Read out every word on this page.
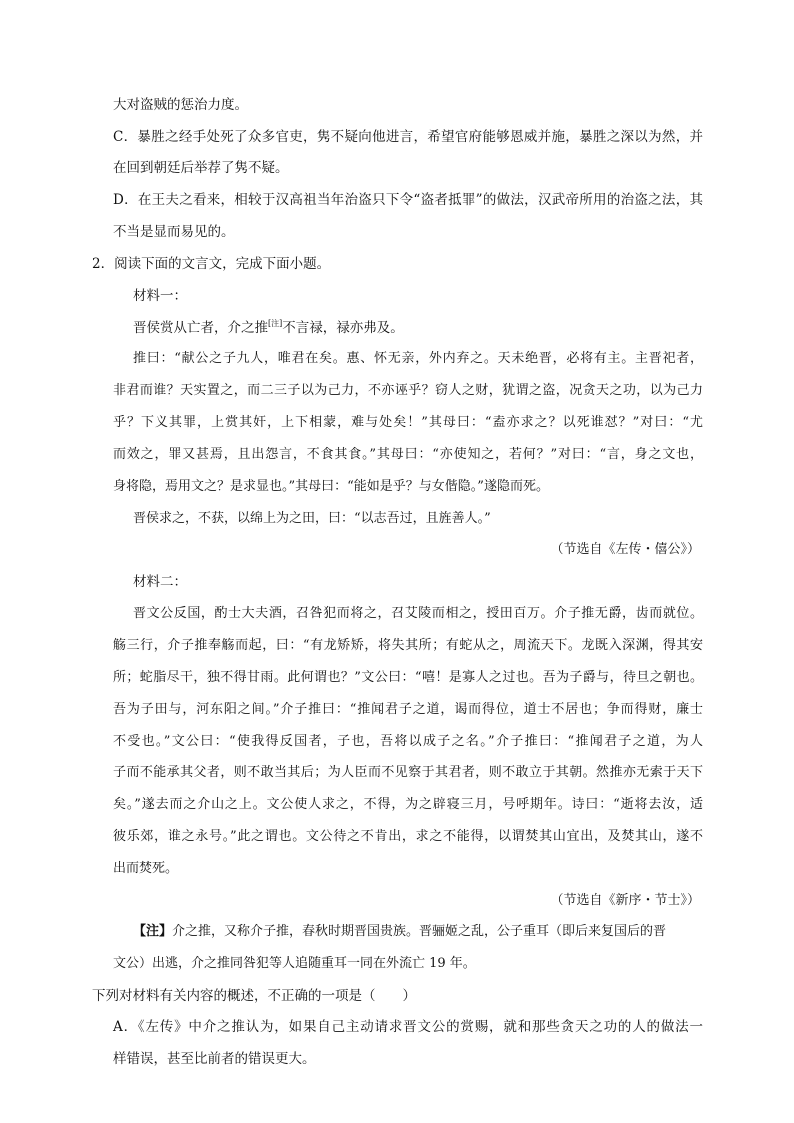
大对盗贼的惩治力度。
C．暴胜之经手处死了众多官吏，隽不疑向他进言，希望官府能够恩威并施，暴胜之深以为然，并
在回到朝廷后举荐了隽不疑。
D．在王夫之看来，相较于汉高祖当年治盗只下令“盗者抵罪”的做法，汉武帝所用的治盗之法，其
不当是显而易见的。
2．阅读下面的文言文，完成下面小题。
材料一：
晋侯赏从亡者，介之推[注]不言禄，禄亦弗及。
推曰：“献公之子九人，唯君在矣。惠、怀无亲，外内弃之。天未绝晋，必将有主。主晋祀者，
非君而谁？天实置之，而二三子以为己力，不亦诬乎？窃人之财，犹谓之盗，况贪天之功，以为己力
乎？下义其罪，上赏其奸，上下相蒙，难与处矣！”其母曰：“盍亦求之？以死谁怼？”对曰：“尤
而效之，罪又甚焉，且出怨言，不食其食。”其母曰：“亦使知之，若何？”对曰：“言，身之文也，
身将隐，焉用文之？是求显也。”其母曰：“能如是乎？与女偕隐。”遂隐而死。
晋侯求之，不获，以绵上为之田，曰：“以志吾过，且旌善人。”
（节选自《左传・僖公》）
材料二：
晋文公反国，酌士大夫酒，召咎犯而将之，召艾陵而相之，授田百万。介子推无爵，齿而就位。
觞三行，介子推奉觞而起，曰：“有龙矫矫，将失其所；有蛇从之，周流天下。龙既入深渊，得其安
所；蛇脂尽干，独不得甘雨。此何谓也？”文公曰：“嘻！是寡人之过也。吾为子爵与，待旦之朝也。
吾为子田与，河东阳之间。”介子推曰：“推闻君子之道，谒而得位，道士不居也；争而得财，廉士
不受也。”文公曰：“使我得反国者，子也，吾将以成子之名。”介子推曰：“推闻君子之道，为人
子而不能承其父者，则不敢当其后；为人臣而不见察于其君者，则不敢立于其朝。然推亦无索于天下
矣。”遂去而之介山之上。文公使人求之，不得，为之辟寝三月，号呼期年。诗曰：“逝将去汝，适
彼乐郊，谁之永号。”此之谓也。文公待之不肯出，求之不能得，以谓焚其山宜出，及焚其山，遂不
出而焚死。
（节选自《新序・节士》）
【注】介之推，又称介子推，春秋时期晋国贵族。晋骊姬之乱，公子重耳（即后来复国后的晋
文公）出逃，介之推同咎犯等人追随重耳一同在外流亡 19 年。
下列对材料有关内容的概述，不正确的一项是（　　）
A．《左传》中介之推认为，如果自己主动请求晋文公的赏赐，就和那些贪天之功的人的做法一
样错误，甚至比前者的错误更大。
